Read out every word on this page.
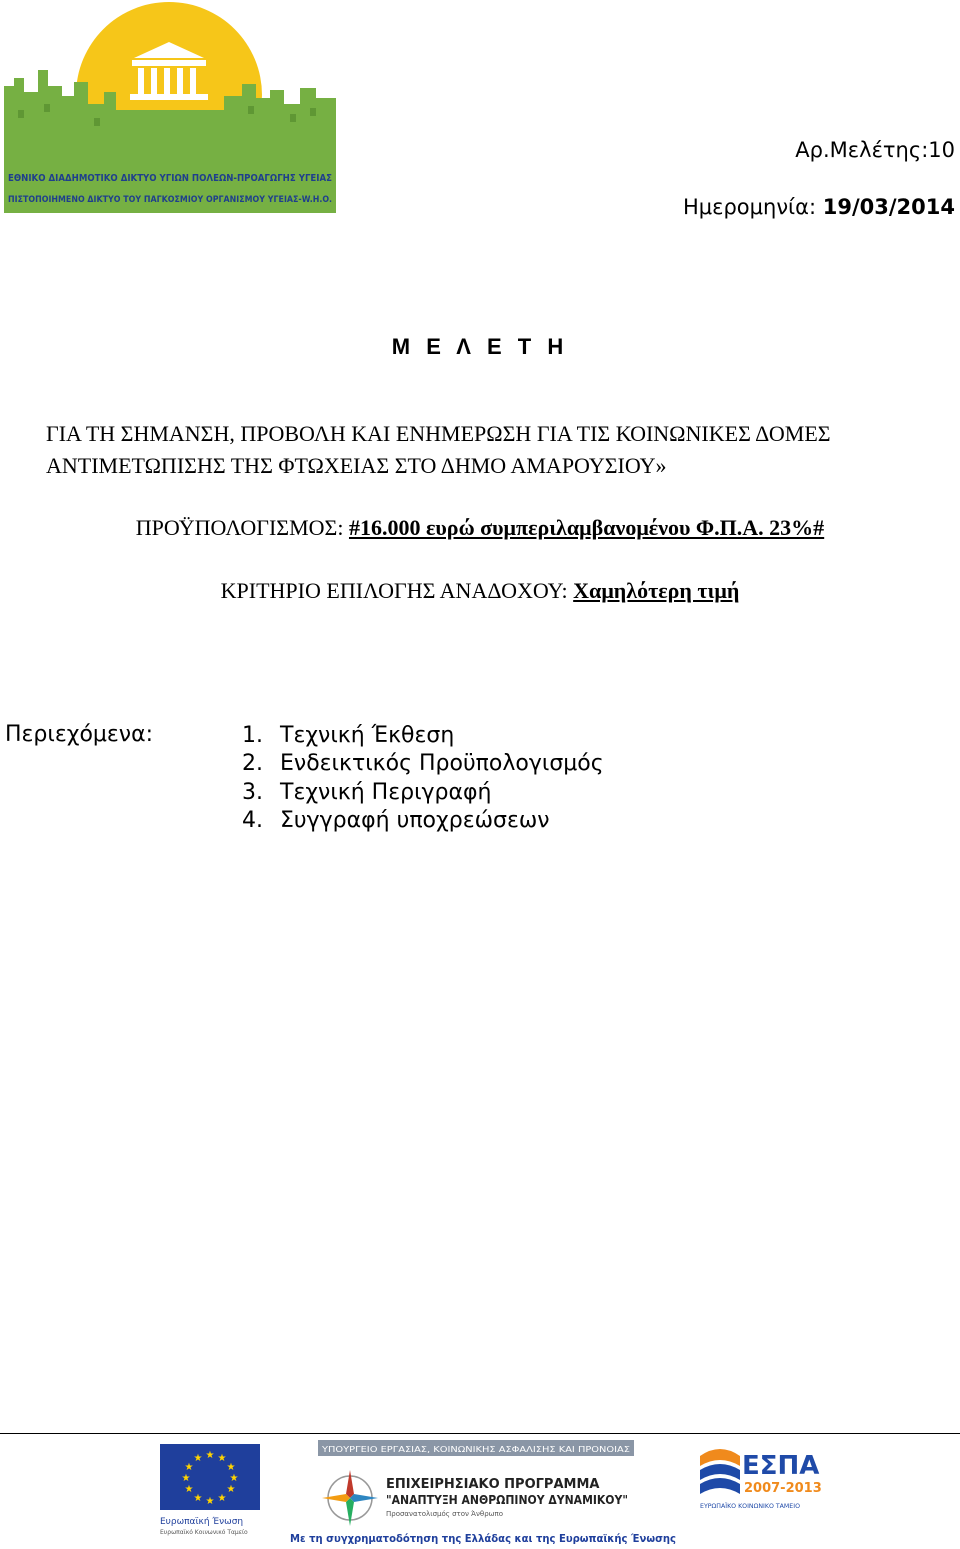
ΕΘΝΙΚΟ ΔΙΑΔΗΜΟΤΙΚΟ ΔΙΚΤΥΟ ΥΓΙΩΝ ΠΟΛΕΩΝ-ΠΡΟΑΓΩΓΗΣ ΥΓΕΙΑΣ
ΠΙΣΤΟΠΟΙΗΜΕΝΟ ΔΙΚΤΥΟ ΤΟΥ ΠΑΓΚΟΣΜΙΟΥ ΟΡΓΑΝΙΣΜΟΥ ΥΓΕΙΑΣ-W.H.O.
Αρ.Μελέτης:10
Ημερομηνία: 19/03/2014
Μ Ε Λ Ε Τ Η
ΓΙΑ ΤΗ ΣΗΜΑΝΣΗ, ΠΡΟΒΟΛΗ ΚΑΙ ΕΝΗΜΕΡΩΣΗ ΓΙΑ ΤΙΣ ΚΟΙΝΩΝΙΚΕΣ ΔΟΜΕΣ ΑΝΤΙΜΕΤΩΠΙΣΗΣ ΤΗΣ ΦΤΩΧΕΙΑΣ ΣΤΟ ΔΗΜΟ ΑΜΑΡΟΥΣΙΟΥ»
ΠΡΟΫΠΟΛΟΓΙΣΜΟΣ: #16.000 ευρώ συμπεριλαμβανομένου Φ.Π.Α. 23%#
ΚΡΙΤΗΡΙΟ ΕΠΙΛΟΓΗΣ ΑΝΑΔΟΧΟΥ: Χαμηλότερη τιμή
Περιεχόμενα:	1. Τεχνική Έκθεση
2. Ενδεικτικός Προϋπολογισμός
3. Τεχνική Περιγραφή
4. Συγγραφή υποχρεώσεων
★ ★
★
★
★
★
★
★
★
★
★
★
Ευρωπαϊκή Ένωση
Ευρωπαϊκό Κοινωνικό Ταμείο
ΥΠΟΥΡΓΕΙΟ ΕΡΓΑΣΙΑΣ, ΚΟΙΝΩΝΙΚΗΣ ΑΣΦΑΛΙΣΗΣ ΚΑΙ ΠΡΟΝΟΙΑΣ
ΕΠΙΧΕΙΡΗΣΙΑΚΟ ΠΡΟΓΡΑΜΜΑ
"ΑΝΑΠΤΥΞΗ ΑΝΘΡΩΠΙΝΟΥ ΔΥΝΑΜΙΚΟΥ"
Προσανατολισμός στον Άνθρωπο
ΕΣΠΑ
2007-2013
ΕΥΡΩΠΑΪΚΟ ΚΟΙΝΩΝΙΚΟ ΤΑΜΕΙΟ
Με τη συγχρηματοδότηση της Ελλάδας και της Ευρωπαϊκής Ένωσης
